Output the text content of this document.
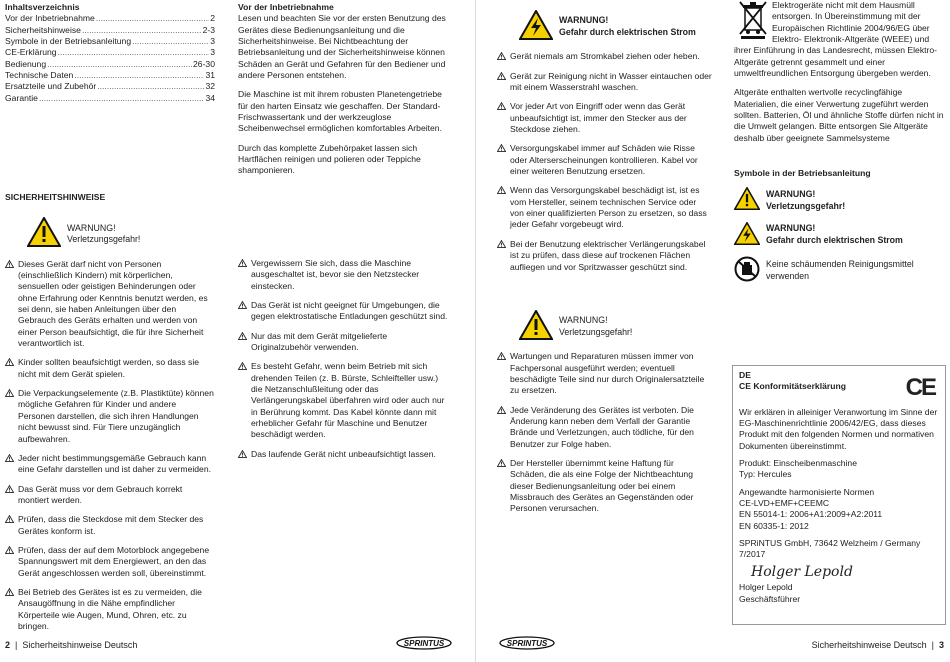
Inhaltsverzeichnis
Vor der Inbetriebnahme .....	2
Sicherheitshinweise .....	2-3
Symbole in der Betriebsanleitung .....	3
CE-Erklärung .....	3
Bedienung .....	26-30
Technische Daten .....	31
Ersatzteile und Zubehör .....	32
Garantie .....	34
SICHERHEITSHINWEISE
WARNUNG!
Verletzungsgefahr!
Dieses Gerät darf nicht von Personen (einschließlich Kindern) mit körperlichen, sensuellen oder geistigen Behinderungen oder ohne Erfahrung oder Kenntnis benutzt werden, es sei denn, sie haben Anleitungen über den Gebrauch des Geräts erhalten und werden von einer Person beaufsichtigt, die für ihre Sicherheit verantwortlich ist.
Kinder sollten beaufsichtigt werden, so dass sie nicht mit dem Gerät spielen.
Die Verpackungselemente (z.B. Plastiktüte) können mögliche Gefahren für Kinder und andere Personen darstellen, die sich ihren Handlungen nicht bewusst sind. Für Tiere unzugänglich aufbewahren.
Jeder nicht bestimmungsgemäße Gebrauch kann eine Gefahr darstellen und ist daher zu vermeiden.
Das Gerät muss vor dem Gebrauch korrekt montiert werden.
Prüfen, dass die Steckdose mit dem Stecker des Gerätes konform ist.
Prüfen, dass der auf dem Motorblock angegebene Spannungswert mit dem Energiewert, an den das Gerät angeschlossen werden soll, übereinstimmt.
Bei Betrieb des Gerätes ist es zu vermeiden, die Ansaugöffnung in die Nähe empfindlicher Körperteile wie Augen, Mund, Ohren, etc. zu bringen.
Vor der Inbetriebnahme
Lesen und beachten Sie vor der ersten Benutzung des Gerätes diese Bedienungsanleitung und die Sicherheitshinweise. Bei Nichtbeachtung der Betriebsanleitung und der Sicherheitshinweise können Schäden an Gerät und Gefahren für den Bediener und andere Personen entstehen.
Die Maschine ist mit ihrem robusten Planetengetriebe für den harten Einsatz wie geschaffen. Der Standard-Frischwassertank und der werkzeuglose Scheibenwechsel ermöglichen komfortables Arbeiten.
Durch das komplette Zubehörpaket lassen sich Hartflächen reinigen und polieren oder Teppiche shamponieren.
Vergewissern Sie sich, dass die Maschine ausgeschaltet ist, bevor sie den Netzstecker einstecken.
Das Gerät ist nicht geeignet für Umgebungen, die gegen elektrostatische Entladungen geschützt sind.
Nur das mit dem Gerät mitgelieferte Originalzubehör verwenden.
Es besteht Gefahr, wenn beim Betrieb mit sich drehenden Teilen (z. B. Bürste, Schleifteller usw.) die Netzanschlußleitung oder das Verlängerungskabel überfahren wird oder auch nur in Berührung kommt. Das Kabel könnte dann mit erheblicher Gefahr für Maschine und Benutzer beschädigt werden.
Das laufende Gerät nicht unbeaufsichtigt lassen.
WARNUNG!
Gefahr durch elektrischen Strom
Gerät niemals am Stromkabel ziehen oder heben.
Gerät zur Reinigung nicht in Wasser eintauchen oder mit einem Wasserstrahl waschen.
Vor jeder Art von Eingriff oder wenn das Gerät unbeaufsichtigt ist, immer den Stecker aus der Steckdose ziehen.
Versorgungskabel immer auf Schäden wie Risse oder Alterserscheinungen kontrollieren. Kabel vor einer weiteren Benutzung ersetzen.
Wenn das Versorgungskabel beschädigt ist, ist es vom Hersteller, seinem technischen Service oder von einer qualifizierten Person zu ersetzen, so dass jeder Gefahr vorgebeugt wird.
Bei der Benutzung elektrischer Verlängerungskabel ist zu prüfen, dass diese auf trockenen Flächen aufliegen und vor Spritzwasser geschützt sind.
WARNUNG!
Verletzungsgefahr!
Wartungen und Reparaturen müssen immer von Fachpersonal ausgeführt werden; eventuell beschädigte Teile sind nur durch Originalersatzteile zu ersetzen.
Jede Veränderung des Gerätes ist verboten. Die Änderung kann neben dem Verfall der Garantie Brände und Verletzungen, auch tödliche, für den Benutzer zur Folge haben.
Der Hersteller übernimmt keine Haftung für Schäden, die als eine Folge der Nichtbeachtung dieser Bedienungsanleitung oder bei einem Missbrauch des Gerätes an Gegenständen oder Personen verursachen.
Elektrogeräte nicht mit dem Hausmüll entsorgen. In Übereinstimmung mit der Europäischen Richtlinie 2004/96/EG über Elektro- Elektronik-Altgeräte (WEEE) und ihrer Einführung in das Landesrecht, müssen Elektro-Altgeräte getrennt gesammelt und einer umweltfreundlichen Entsorgung übergeben werden.
Altgeräte enthalten wertvolle recyclingfähige Materialien, die einer Verwertung zugeführt werden sollten. Batterien, Öl und ähnliche Stoffe dürfen nicht in die Umwelt gelangen. Bitte entsorgen Sie Altgeräte deshalb über geeignete Sammelsysteme
Symbole in der Betriebsanleitung
WARNUNG!
Verletzungsgefahr!
WARNUNG!
Gefahr durch elektrischen Strom
Keine schäumenden Reinigungsmittel
verwenden
DE
CE Konformitätserklärung	CE
Wir erklären in alleiniger Veranwortung im Sinne der EG-Maschinenrichtlinie 2006/42/EG, dass dieses Produkt mit den folgenden Normen und normativen Dokumenten übereinstimmt.
Produkt: Einscheibenmaschine
Typ: Hercules
Angewandte harmonisierte Normen
CE-LVD+EMF+CEEMC
EN 55014-1: 2006+A1:2009+A2:2011
EN 60335-1: 2012
SPRiNTUS GmbH, 73642 Welzheim / Germany
7/2017
Holger Lepold
Holger Lepold
Geschäftsführer
2  |  Sicherheitshinweise Deutsch	SPRINTUS	SPRINTUS	Sicherheitshinweise Deutsch  |  3
